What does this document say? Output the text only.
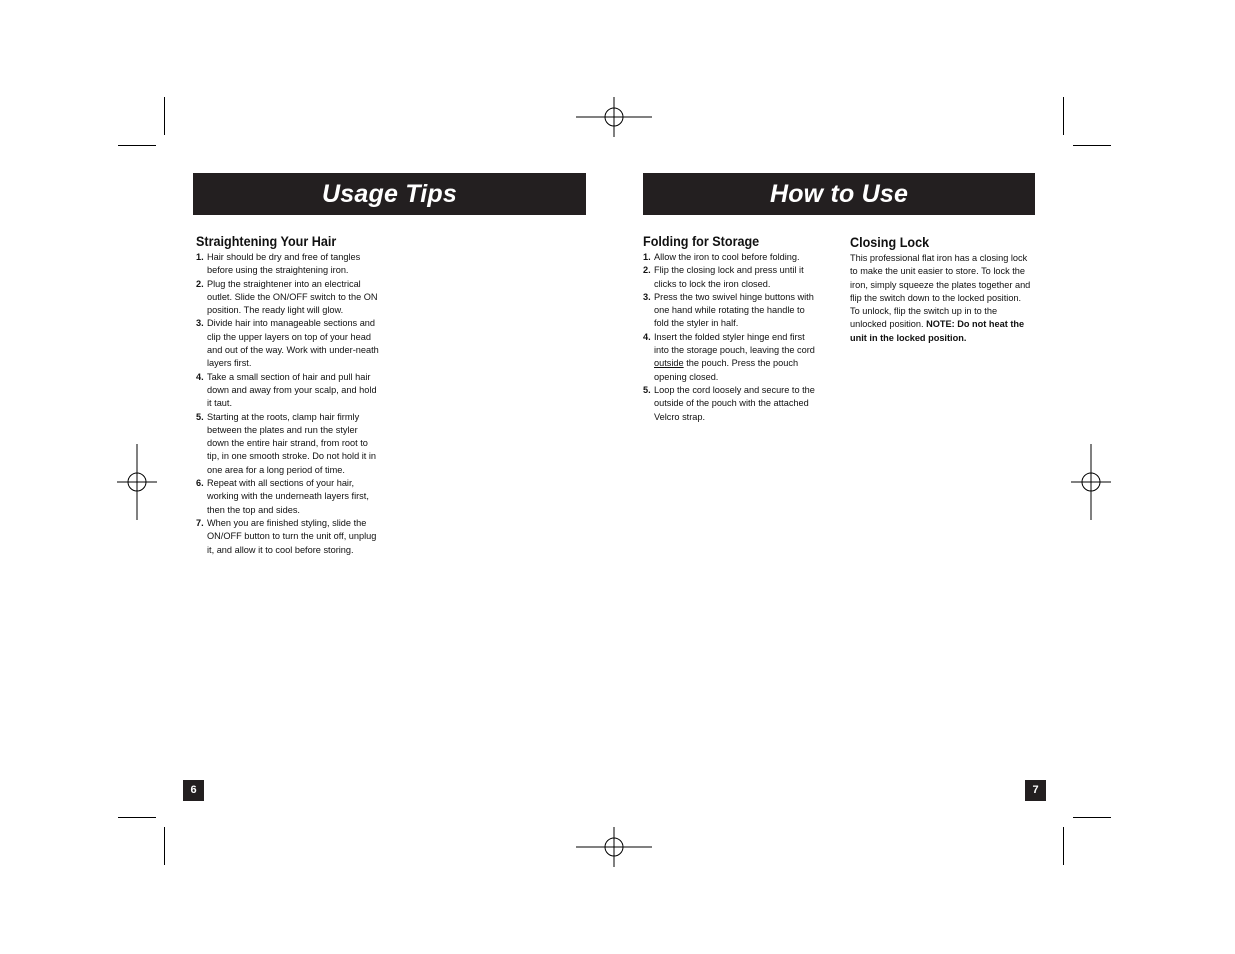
Usage Tips
Straightening Your Hair
1. Hair should be dry and free of tangles before using the straightening iron.
2. Plug the straightener into an electrical outlet. Slide the ON/OFF switch to the ON position. The ready light will glow.
3. Divide hair into manageable sections and clip the upper layers on top of your head and out of the way. Work with under-neath layers first.
4. Take a small section of hair and pull hair down and away from your scalp, and hold it taut.
5. Starting at the roots, clamp hair firmly between the plates and run the styler down the entire hair strand, from root to tip, in one smooth stroke. Do not hold it in one area for a long period of time.
6. Repeat with all sections of your hair, working with the underneath layers first, then the top and sides.
7. When you are finished styling, slide the ON/OFF button to turn the unit off, unplug it, and allow it to cool before storing.
6
How to Use
Folding for Storage
1. Allow the iron to cool before folding.
2. Flip the closing lock and press until it clicks to lock the iron closed.
3. Press the two swivel hinge buttons with one hand while rotating the handle to fold the styler in half.
4. Insert the folded styler hinge end first into the storage pouch, leaving the cord outside the pouch. Press the pouch opening closed.
5. Loop the cord loosely and secure to the outside of the pouch with the attached Velcro strap.
Closing Lock

This professional flat iron has a closing lock to make the unit easier to store. To lock the iron, simply squeeze the plates together and flip the switch down to the locked position. To unlock, flip the switch up in to the unlocked position. NOTE: Do not heat the unit in the locked position.

7
